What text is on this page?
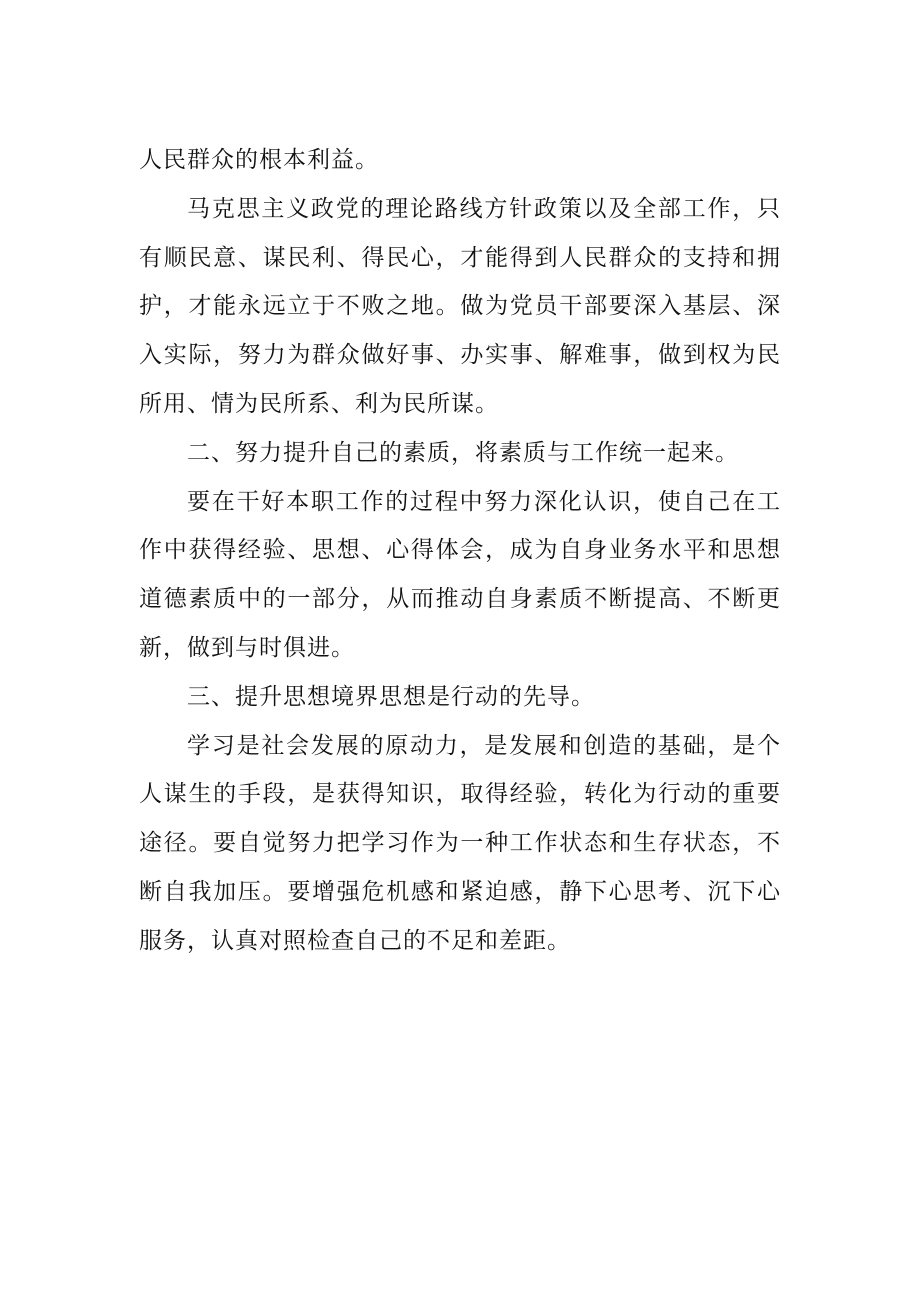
人民群众的根本利益。

马克思主义政党的理论路线方针政策以及全部工作，只有顺民意、谋民利、得民心，才能得到人民群众的支持和拥护，才能永远立于不败之地。做为党员干部要深入基层、深入实际，努力为群众做好事、办实事、解难事，做到权为民所用、情为民所系、利为民所谋。

二、努力提升自己的素质，将素质与工作统一起来。

要在干好本职工作的过程中努力深化认识，使自己在工作中获得经验、思想、心得体会，成为自身业务水平和思想道德素质中的一部分，从而推动自身素质不断提高、不断更新，做到与时俱进。

三、提升思想境界思想是行动的先导。

学习是社会发展的原动力，是发展和创造的基础，是个人谋生的手段，是获得知识，取得经验，转化为行动的重要途径。要自觉努力把学习作为一种工作状态和生存状态，不断自我加压。要增强危机感和紧迫感，静下心思考、沉下心服务，认真对照检查自己的不足和差距。
